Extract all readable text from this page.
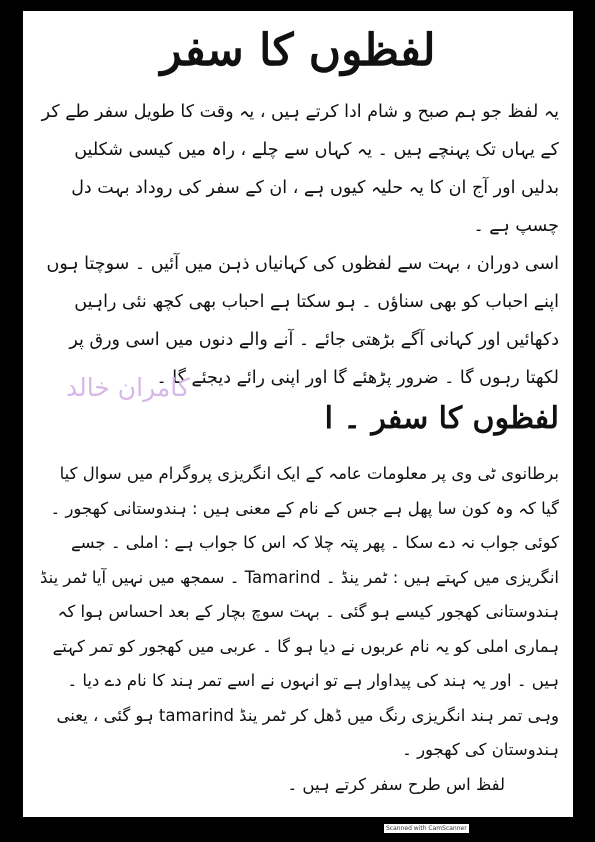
لفظوں کا سفر

یہ لفظ جو ہم صبح و شام ادا کرتے ہیں ، یہ وقت کا طویل سفر طے کر کے یہاں تک پہنچے ہیں ۔ یہ کہاں سے چلے ، راہ میں کیسی شکلیں بدلیں اور آج ان کا یہ حلیہ کیوں ہے ، ان کے سفر کی روداد بہت دل چسپ ہے ۔

اسی دوران ، بہت سے لفظوں کی کہانیاں ذہن میں آئیں ۔ سوچتا ہوں اپنے احباب کو بھی سناؤں ۔ ہو سکتا ہے احباب بھی کچھ نئی راہیں دکھائیں اور کہانی آگے بڑھتی جائے ۔ آنے والے دنوں میں اسی ورق پر لکھتا رہوں گا ۔ ضرور پڑھئے گا اور اپنی رائے دیجئے گا ۔

کامران خالد
لفظوں کا سفر ۔ ا

برطانوی ٹی وی پر معلومات عامہ کے ایک انگریزی پروگرام میں سوال کیا گیا کہ وہ کون سا پھل ہے جس کے نام کے معنی ہیں : ہندوستانی کھجور ۔ کوئی جواب نہ دے سکا ۔ پھر پتہ چلا کہ اس کا جواب ہے : املی ۔ جسے انگریزی میں کہتے ہیں : ٹمر ینڈ ۔ Tamarind ۔ سمجھ میں نہیں آیا ٹمر ینڈ ہندوستانی کھجور کیسے ہو گئی ۔ بہت سوچ بچار کے بعد احساس ہوا کہ ہماری املی کو یہ نام عربوں نے دیا ہو گا ۔ عربی میں کھجور کو تمر کہتے ہیں ۔ اور یہ ہند کی پیداوار ہے تو انہوں نے اسے تمر ہند کا نام دے دیا ۔ وہی تمر ہند انگریزی رنگ میں ڈھل کر ٹمر ینڈ tamarind ہو گئی ، یعنی ہندوستان کی کھجور ۔

لفظ اس طرح سفر کرتے ہیں ۔

Scanned with CamScanner
